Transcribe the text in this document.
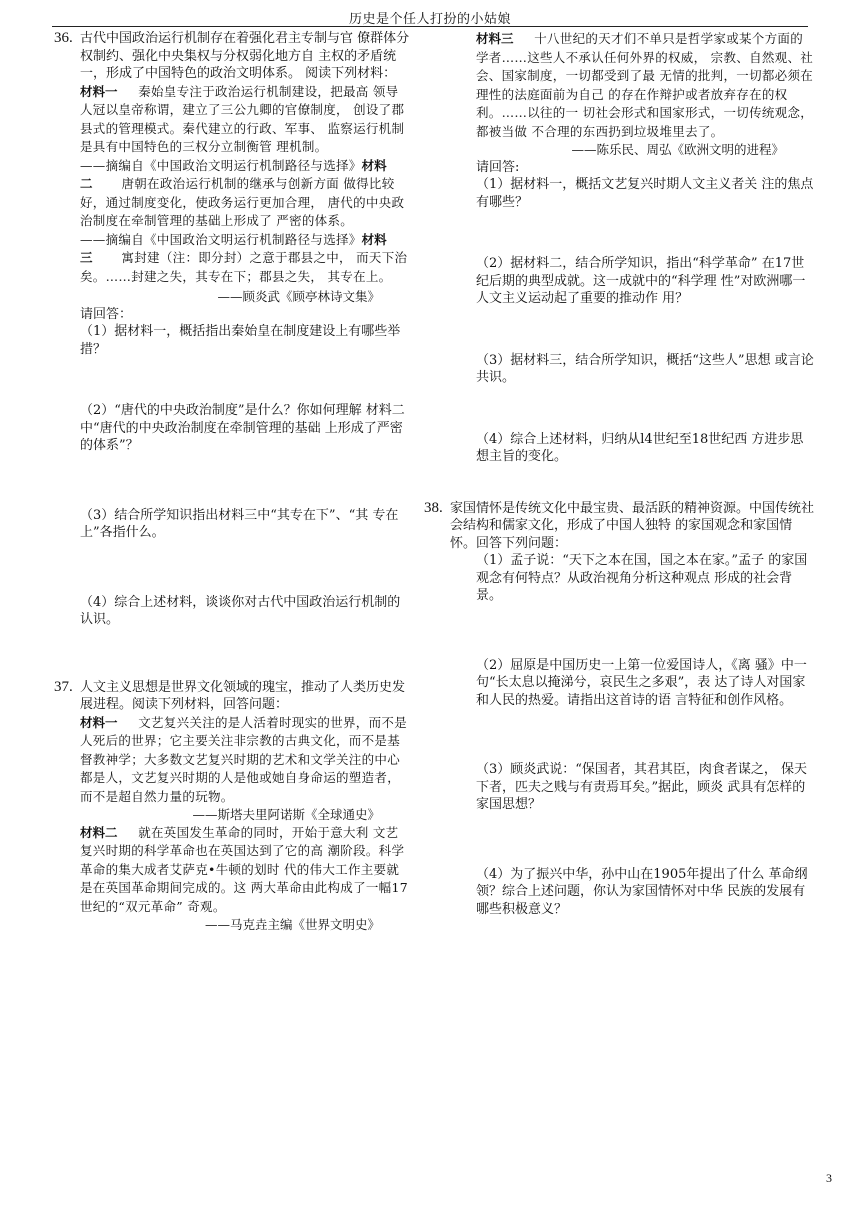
历史是个任人打扮的小姑娘
36. 古代中国政治运行机制存在着强化君主专制与官 僚群体分权制约、强化中央集权与分权弱化地方自 主权的矛盾统一，形成了中国特色的政治文明体系。 阅读下列材料：
材料一 秦始皇专注于政治运行机制建设，把最高 领导人冠以皇帝称谓，建立了三公九卿的官僚制度， 创设了郡县式的管理模式。秦代建立的行政、军事、 监察运行机制是具有中国特色的三权分立制衡管 理机制。
——摘编自《中国政治文明运行机制路径与选择》材料二 唐朝在政治运行机制的继承与创新方面 做得比较好，通过制度变化，使政务运行更加合理， 唐代的中央政治制度在牵制管理的基础上形成了 严密的体系。
——摘编自《中国政治文明运行机制路径与选择》材料三 寓封建（注：即分封）之意于郡县之中， 而天下治矣。……封建之失，其专在下；郡县之失， 其专在上。
——顾炎武《顾亭林诗文集》
请回答：
（1）据材料一，概括指出秦始皇在制度建设上有哪些举措？
（2）“唐代的中央政治制度”是什么？你如何理解 材料二中“唐代的中央政治制度在牵制管理的基础 上形成了严密的体系”？
（3）结合所学知识指出材料三中“其专在下”、“其 专在上”各指什么。
（4）综合上述材料，谈谈你对古代中国政治运行机制的认识。
37. 人文主义思想是世界文化领域的瑰宝，推动了人类历史发展进程。阅读下列材料，回答问题：
材料一 文艺复兴关注的是人活着时现实的世界，而不是人死后的世界；它主要关注非宗教的古典文化，而不是基督教神学；大多数文艺复兴时期的艺术和文学关注的中心都是人，文艺复兴时期的人是他或她自身命运的塑造者，而不是超自然力量的玩物。
——斯塔夫里阿诺斯《全球通史》
材料二 就在英国发生革命的同时，开始于意大利 文艺复兴时期的科学革命也在英国达到了它的高 潮阶段。科学革命的集大成者艾萨克•牛顿的划时 代的伟大工作主要就是在英国革命期间完成的。这 两大革命由此构成了一幅17世纪的“双元革命” 奇观。
——马克垚主编《世界文明史》
材料三 十八世纪的天才们不单只是哲学家或某个方面的学者……这些人不承认任何外界的权威， 宗教、自然观、社会、国家制度，一切都受到了最 无情的批判，一切都必须在理性的法庭面前为自己 的存在作辩护或者放弃存在的权利。……以往的一 切社会形式和国家形式，一切传统观念，都被当做 不合理的东西扔到垃圾堆里去了。
——陈乐民、周弘《欧洲文明的进程》
请回答:
（1）据材料一，概括文艺复兴时期人文主义者关 注的焦点有哪些？
（2）据材料二，结合所学知识，指出“科学革命” 在17世纪后期的典型成就。这一成就中的“科学理 性”对欧洲哪一人文主义运动起了重要的推动作 用？
（3）据材料三，结合所学知识，概括“这些人”思想 或言论共识。
（4）综合上述材料，归纳从l4世纪至18世纪西 方进步思想主旨的变化。
38. 家国情怀是传统文化中最宝贵、最活跃的精神资源。中国传统社会结构和儒家文化，形成了中国人独特 的家国观念和家国情怀。回答下列问题：
（1）孟子说：“天下之本在国，国之本在家。”孟子 的家国观念有何特点？从政治视角分析这种观点 形成的社会背景。
（2）屈原是中国历史一上第一位爱国诗人，《离 骚》中一句“长太息以掩涕兮，哀民生之多艰”，表 达了诗人对国家和人民的热爱。请指出这首诗的语 言特征和创作风格。
（3）顾炎武说：“保国者，其君其臣，肉食者谋之， 保天下者，匹夫之贱与有责焉耳矣。”据此，顾炎 武具有怎样的家国思想？
（4）为了振兴中华，孙中山在1905年提出了什么 革命纲领？综合上述问题，你认为家国情怀对中华 民族的发展有哪些积极意义？
3
